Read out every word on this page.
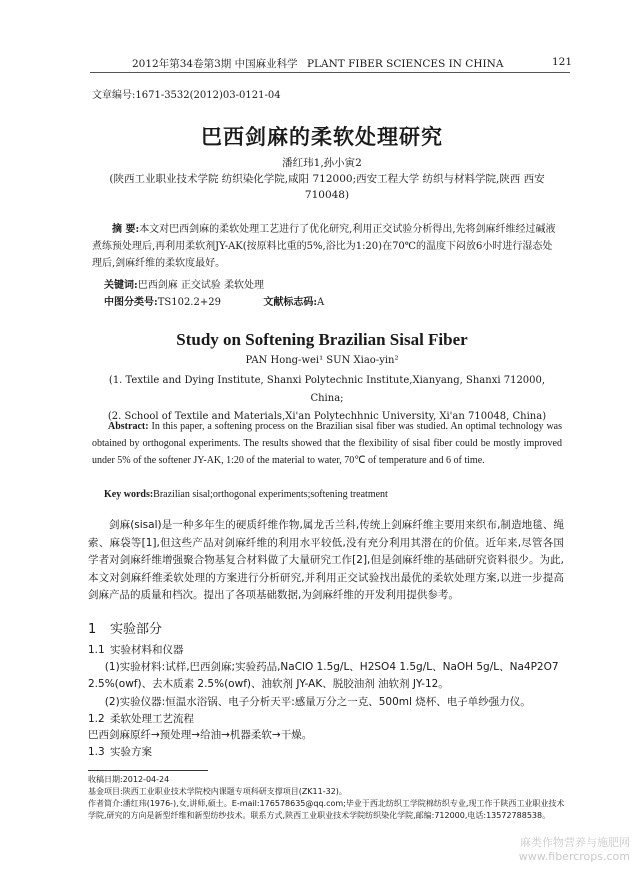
2012年第34卷第3期 中国麻业科学 PLANT FIBER SCIENCES IN CHINA	121
文章编号:1671-3532(2012)03-0121-04
巴西剑麻的柔软处理研究
潘红玮1,孙小寅2
(陕西工业职业技术学院 纺织染化学院,咸阳 712000;西安工程大学 纺织与材料学院,陕西 西安 710048)
摘 要:本文对巴西剑麻的柔软处理工艺进行了优化研究,利用正交试验分析得出,先将剑麻纤维经过碱液煮练预处理后,再利用柔软剂JY-AK(按原料比重的5%,浴比为1:20)在70℃的温度下闷放6小时进行湿态处理后,剑麻纤维的柔软度最好。
关键词:巴西剑麻 正交试验 柔软处理
中图分类号:TS102.2+29	文献标志码:A
Study on Softening Brazilian Sisal Fiber
PAN Hong-wei¹ SUN Xiao-yin²
(1. Textile and Dying Institute, Shanxi Polytechnic Institute,Xianyang, Shanxi 712000, China;
(2. School of Textile and Materials,Xi'an Polytechhnic University, Xi'an 710048, China)
Abstract: In this paper, a softening process on the Brazilian sisal fiber was studied. An optimal technology was obtained by orthogonal experiments. The results showed that the flexibility of sisal fiber could be mostly improved under 5% of the softener JY-AK, 1:20 of the material to water, 70℃ of temperature and 6 of time.
Key words:Brazilian sisal;orthogonal experiments;softening treatment
剑麻(sisal)是一种多年生的硬质纤维作物,属龙舌兰科,传统上剑麻纤维主要用来织布,制造地毯、绳索、麻袋等[1],但这些产品对剑麻纤维的利用水平较低,没有充分利用其潜在的价值。近年来,尽管各国学者对剑麻纤维增强聚合物基复合材料做了大量研究工作[2],但是剑麻纤维的基础研究资料很少。为此,本文对剑麻纤维柔软处理的方案进行分析研究,并利用正交试验找出最优的柔软处理方案,以进一步提高剑麻产品的质量和档次。提出了各项基础数据,为剑麻纤维的开发利用提供参考。
1 实验部分
1.1 实验材料和仪器
(1)实验材料:试样,巴西剑麻;实验药品,NaClO 1.5g/L、H2SO4 1.5g/L、NaOH 5g/L、Na4P2O7 2.5%(owf)、去木质素 2.5%(owf)、油软剂 JY-AK、脱胶油剂 油软剂 JY-12。
(2)实验仪器:恒温水浴锅、电子分析天平:感量万分之一克、500ml 烧杯、电子单纱强力仪。
1.2 柔软处理工艺流程
巴西剑麻原纤→预处理→给油→机器柔软→干燥。
1.3 实验方案
收稿日期:2012-04-24
基金项目:陕西工业职业技术学院校内课题专项科研支撑项目(ZK11-32)。
作者简介:潘红玮(1976-),女,讲师,硕士。E-mail:176578635@qq.com;毕业于西北纺织工学院棉纺织专业,现工作于陕西工业职业技术学院,研究的方向是新型纤维和新型纺纱技术。联系方式,陕西工业职业技术学院纺织染化学院,邮编:712000,电话:13572788538。
麻类作物营养与施肥网
www.fibercrops.com
